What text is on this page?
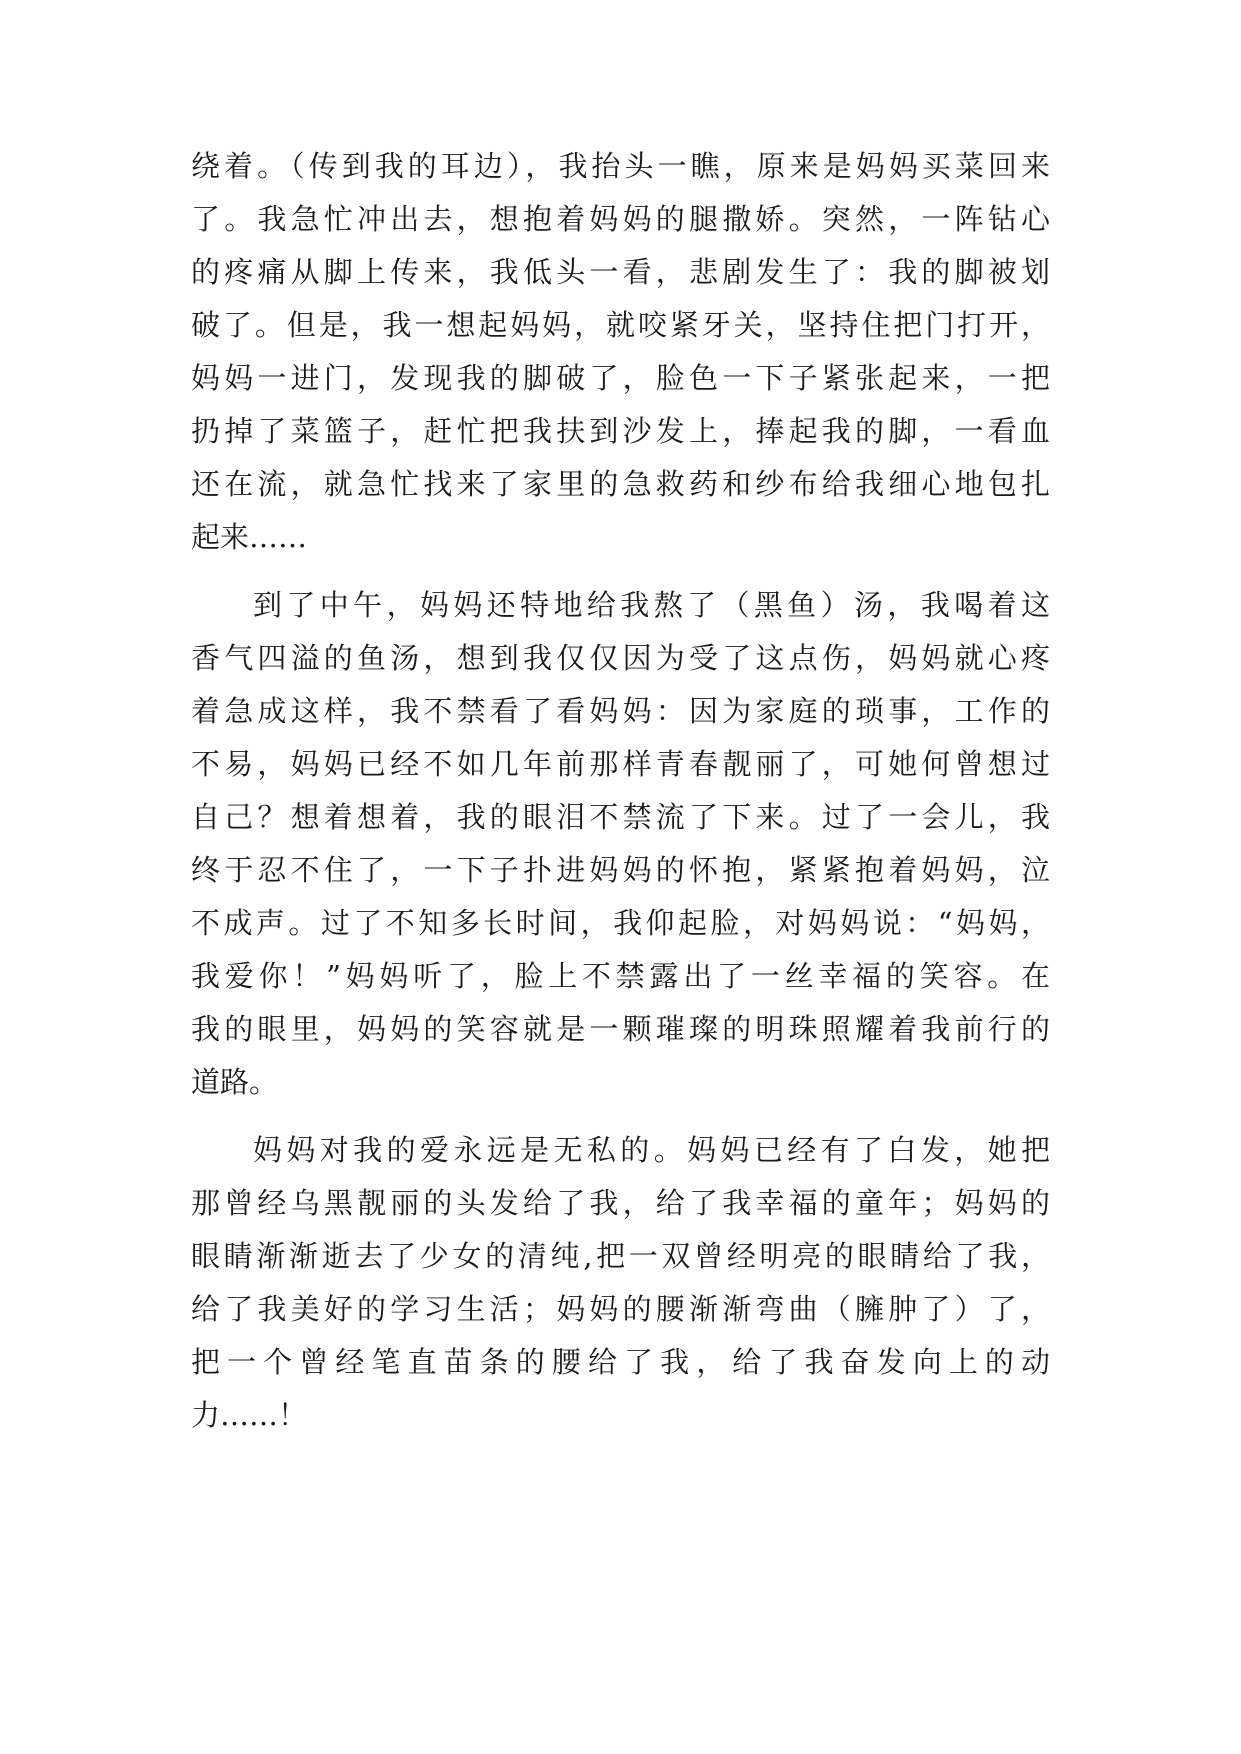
绕着。（传到我的耳边），我抬头一瞧，原来是妈妈买菜回来
了。我急忙冲出去，想抱着妈妈的腿撒娇。突然，一阵钻心
的疼痛从脚上传来，我低头一看，悲剧发生了：我的脚被划
破了。但是，我一想起妈妈，就咬紧牙关，坚持住把门打开，
妈妈一进门，发现我的脚破了，脸色一下子紧张起来，一把
扔掉了菜篮子，赶忙把我扶到沙发上，捧起我的脚，一看血
还在流，就急忙找来了家里的急救药和纱布给我细心地包扎
起来……
到了中午，妈妈还特地给我熬了（黑鱼）汤，我喝着这
香气四溢的鱼汤，想到我仅仅因为受了这点伤，妈妈就心疼
着急成这样，我不禁看了看妈妈：因为家庭的琐事，工作的
不易，妈妈已经不如几年前那样青春靓丽了，可她何曾想过
自己？想着想着，我的眼泪不禁流了下来。过了一会儿，我
终于忍不住了，一下子扑进妈妈的怀抱，紧紧抱着妈妈，泣
不成声。过了不知多长时间，我仰起脸，对妈妈说：“妈妈，
我爱你！”妈妈听了，脸上不禁露出了一丝幸福的笑容。在
我的眼里，妈妈的笑容就是一颗璀璨的明珠照耀着我前行的
道路。
妈妈对我的爱永远是无私的。妈妈已经有了白发，她把
那曾经乌黑靓丽的头发给了我，给了我幸福的童年；妈妈的
眼睛渐渐逝去了少女的清纯,把一双曾经明亮的眼睛给了我，
给了我美好的学习生活；妈妈的腰渐渐弯曲（臃肿了）了，
把一个曾经笔直苗条的腰给了我，给了我奋发向上的动
力……！
